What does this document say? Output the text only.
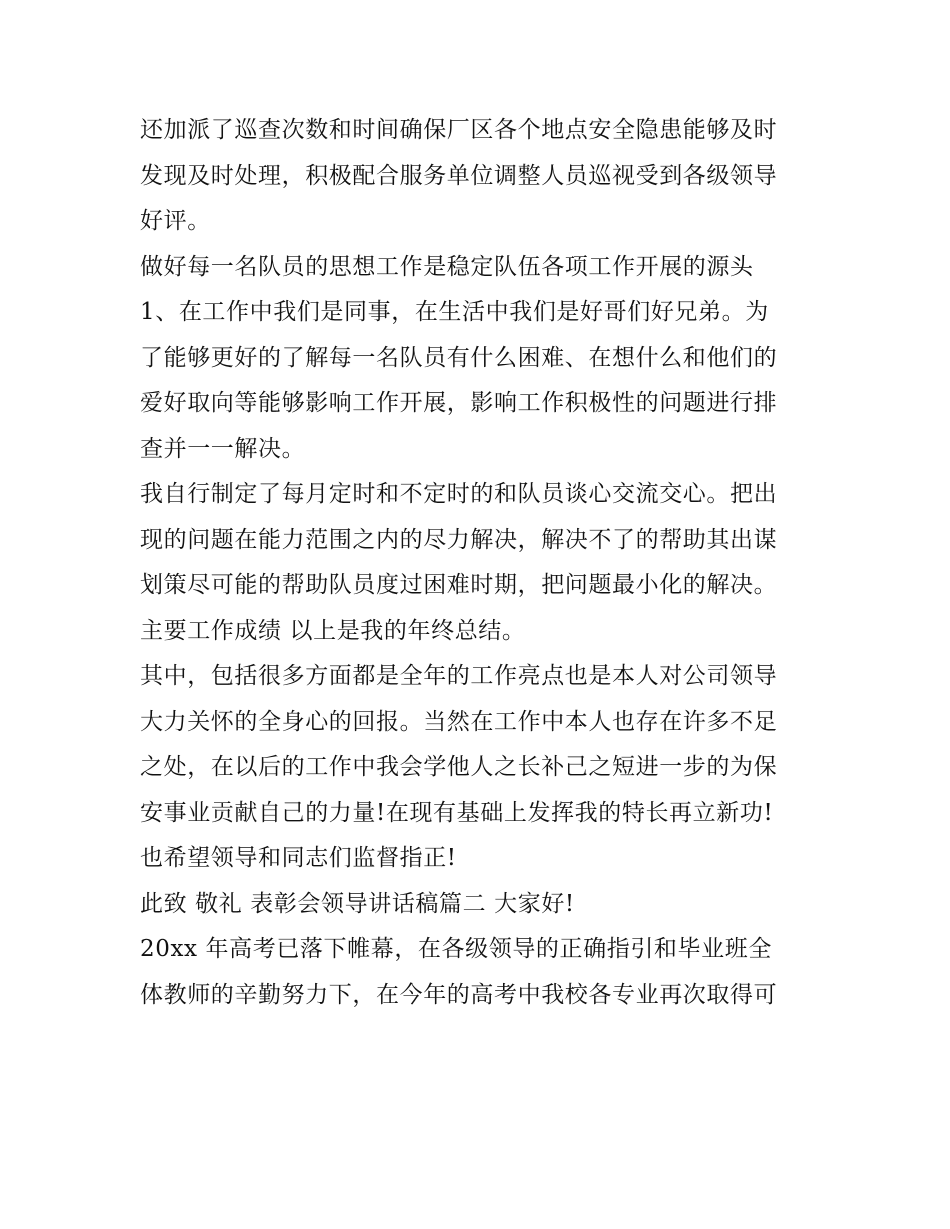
还加派了巡查次数和时间确保厂区各个地点安全隐患能够及时

发现及时处理，积极配合服务单位调整人员巡视受到各级领导

好评。

做好每一名队员的思想工作是稳定队伍各项工作开展的源头

1、在工作中我们是同事，在生活中我们是好哥们好兄弟。为

了能够更好的了解每一名队员有什么困难、在想什么和他们的

爱好取向等能够影响工作开展，影响工作积极性的问题进行排

查并一一解决。

我自行制定了每月定时和不定时的和队员谈心交流交心。把出

现的问题在能力范围之内的尽力解决，解决不了的帮助其出谋

划策尽可能的帮助队员度过困难时期，把问题最小化的解决。

主要工作成绩 以上是我的年终总结。

其中，包括很多方面都是全年的工作亮点也是本人对公司领导

大力关怀的全身心的回报。当然在工作中本人也存在许多不足

之处，在以后的工作中我会学他人之长补己之短进一步的为保

安事业贡献自己的力量!在现有基础上发挥我的特长再立新功!

也希望领导和同志们监督指正!

此致 敬礼 表彰会领导讲话稿篇二 大家好!

20xx 年高考已落下帷幕，在各级领导的正确指引和毕业班全

体教师的辛勤努力下，在今年的高考中我校各专业再次取得可
